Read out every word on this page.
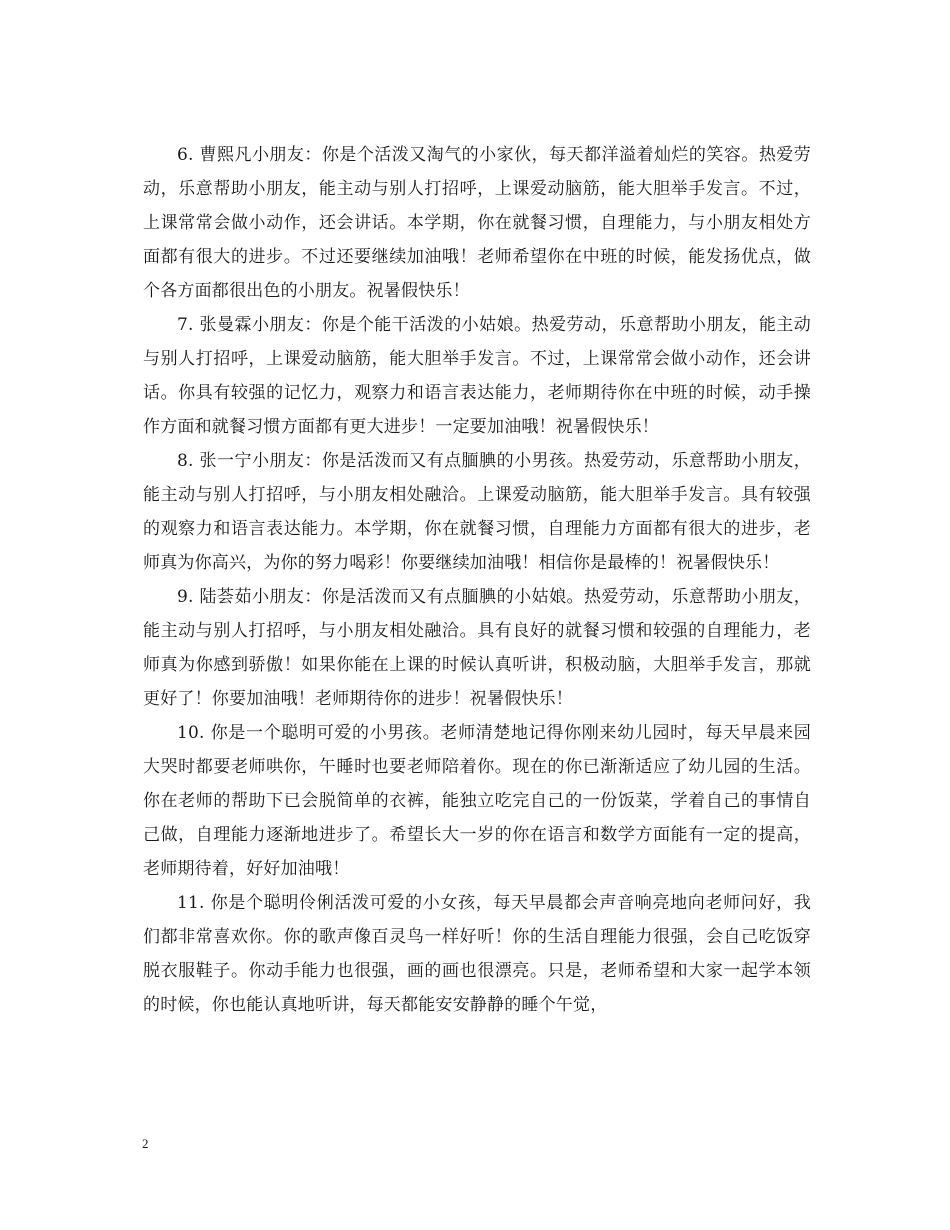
6. 曹熙凡小朋友：你是个活泼又淘气的小家伙，每天都洋溢着灿烂的笑容。热爱劳动，乐意帮助小朋友，能主动与别人打招呼，上课爱动脑筋，能大胆举手发言。不过，上课常常会做小动作，还会讲话。本学期，你在就餐习惯，自理能力，与小朋友相处方面都有很大的进步。不过还要继续加油哦！老师希望你在中班的时候，能发扬优点，做个各方面都很出色的小朋友。祝暑假快乐！

7. 张曼霖小朋友：你是个能干活泼的小姑娘。热爱劳动，乐意帮助小朋友，能主动与别人打招呼，上课爱动脑筋，能大胆举手发言。不过，上课常常会做小动作，还会讲话。你具有较强的记忆力，观察力和语言表达能力，老师期待你在中班的时候，动手操作方面和就餐习惯方面都有更大进步！一定要加油哦！祝暑假快乐！

8. 张一宁小朋友：你是活泼而又有点腼腆的小男孩。热爱劳动，乐意帮助小朋友，能主动与别人打招呼，与小朋友相处融洽。上课爱动脑筋，能大胆举手发言。具有较强的观察力和语言表达能力。本学期，你在就餐习惯，自理能力方面都有很大的进步，老师真为你高兴，为你的努力喝彩！你要继续加油哦！相信你是最棒的！祝暑假快乐！

9. 陆荟茹小朋友：你是活泼而又有点腼腆的小姑娘。热爱劳动，乐意帮助小朋友，能主动与别人打招呼，与小朋友相处融洽。具有良好的就餐习惯和较强的自理能力，老师真为你感到骄傲！如果你能在上课的时候认真听讲，积极动脑，大胆举手发言，那就更好了！你要加油哦！老师期待你的进步！祝暑假快乐！

10. 你是一个聪明可爱的小男孩。老师清楚地记得你刚来幼儿园时，每天早晨来园大哭时都要老师哄你，午睡时也要老师陪着你。现在的你已渐渐适应了幼儿园的生活。你在老师的帮助下已会脱简单的衣裤，能独立吃完自己的一份饭菜，学着自己的事情自己做，自理能力逐渐地进步了。希望长大一岁的你在语言和数学方面能有一定的提高，老师期待着，好好加油哦！

11. 你是个聪明伶俐活泼可爱的小女孩，每天早晨都会声音响亮地向老师问好，我们都非常喜欢你。你的歌声像百灵鸟一样好听！你的生活自理能力很强，会自己吃饭穿脱衣服鞋子。你动手能力也很强，画的画也很漂亮。只是，老师希望和大家一起学本领的时候，你也能认真地听讲，每天都能安安静静的睡个午觉，

2
